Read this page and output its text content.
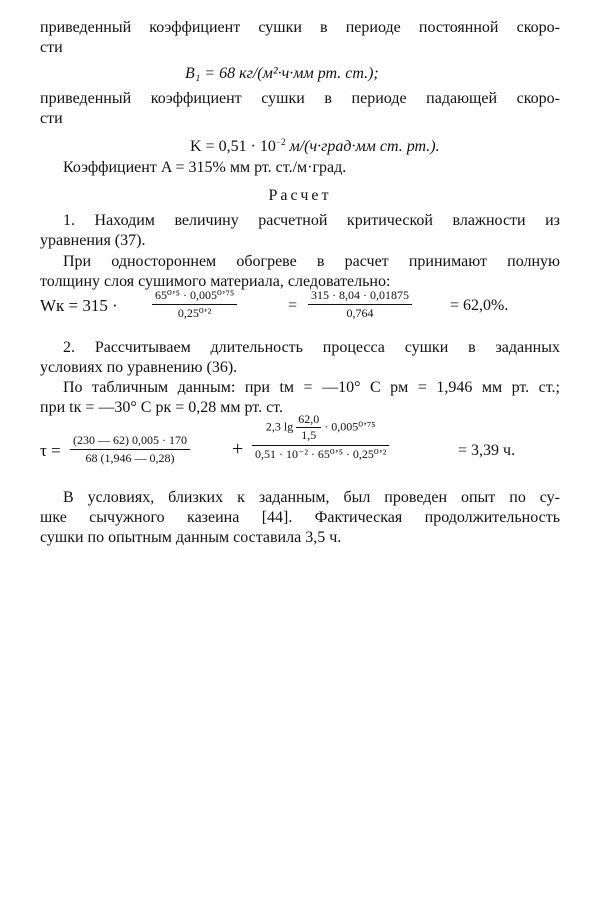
приведенный коэффициент сушки в периоде постоянной скоро-
сти
B₁ = 68 кг/(м²·ч·мм рт. ст.);
приведенный коэффициент сушки в периоде падающей скоро-
сти
$K = 0,51 \cdot 10^{-2}$ м/(ч·град·мм ст. рт.).
Коэффициент A = 315% мм рт. ст./м·град.
Расчет
1. Находим величину расчетной критической влажности из
уравнения (37).
При одностороннем обогреве в расчет принимают полную
толщину слоя сушимого материала, следовательно:
Wк = 315 ·
65⁰ʼ⁵ · 0,005⁰ʼ⁷⁵
0,25⁰ʼ²	= $\frac{315 \cdot 8,04 \cdot 0,01875}{0,764} = 62,0\%$.
2. Рассчитываем длительность процесса сушки в заданных
условиях по уравнению (36).
По табличным данным: при tм = —10° C pм = 1,946 мм рт. ст.;
при tк = —30° C pк = 0,28 мм рт. ст.
$\tau = \frac{(230 — 62) 0,005 \cdot 170}{68 (1,946 — 0,28)}$ +
2,3 $\lg \frac{62,0}{1,5}$ · 0,005⁰ʼ⁷⁵
0,51 · 10⁻² · 65⁰ʼ⁵ · 0,25⁰ʼ²	= 3,39 ч.
В условиях, близких к заданным, был проведен опыт по су-
шке сычужного казеина [44]. Фактическая продолжительность
сушки по опытным данным составила 3,5 ч.
